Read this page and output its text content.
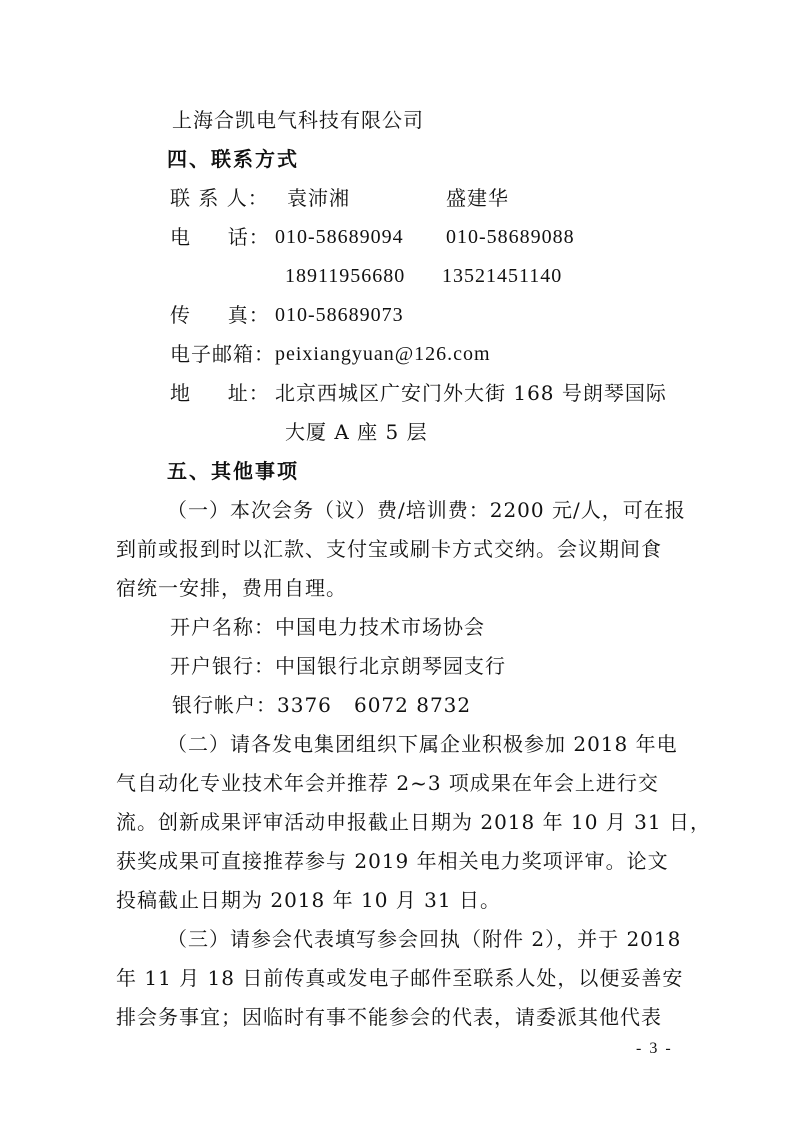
上海合凯电气科技有限公司
四、联系方式
联 系 人： 袁沛湘	盛建华
电     话： 010-58689094 010-58689088
18911956680 13521451140
传     真： 010-58689073
电子邮箱： peixiangyuan@126.com
地     址： 北京西城区广安门外大街 168 号朗琴国际
大厦 A 座 5 层
五、其他事项
（一）本次会务（议）费/培训费：2200 元/人，可在报
到前或报到时以汇款、支付宝或刷卡方式交纳。会议期间食
宿统一安排，费用自理。
开户名称：中国电力技术市场协会
开户银行：中国银行北京朗琴园支行
银行帐户：3376   6072 8732
（二）请各发电集团组织下属企业积极参加 2018 年电
气自动化专业技术年会并推荐 2~3 项成果在年会上进行交
流。创新成果评审活动申报截止日期为 2018 年 10 月 31 日，
获奖成果可直接推荐参与 2019 年相关电力奖项评审。论文
投稿截止日期为 2018 年 10 月 31 日。
（三）请参会代表填写参会回执（附件 2），并于 2018
年 11 月 18 日前传真或发电子邮件至联系人处，以便妥善安
排会务事宜；因临时有事不能参会的代表，请委派其他代表
- 3 -
